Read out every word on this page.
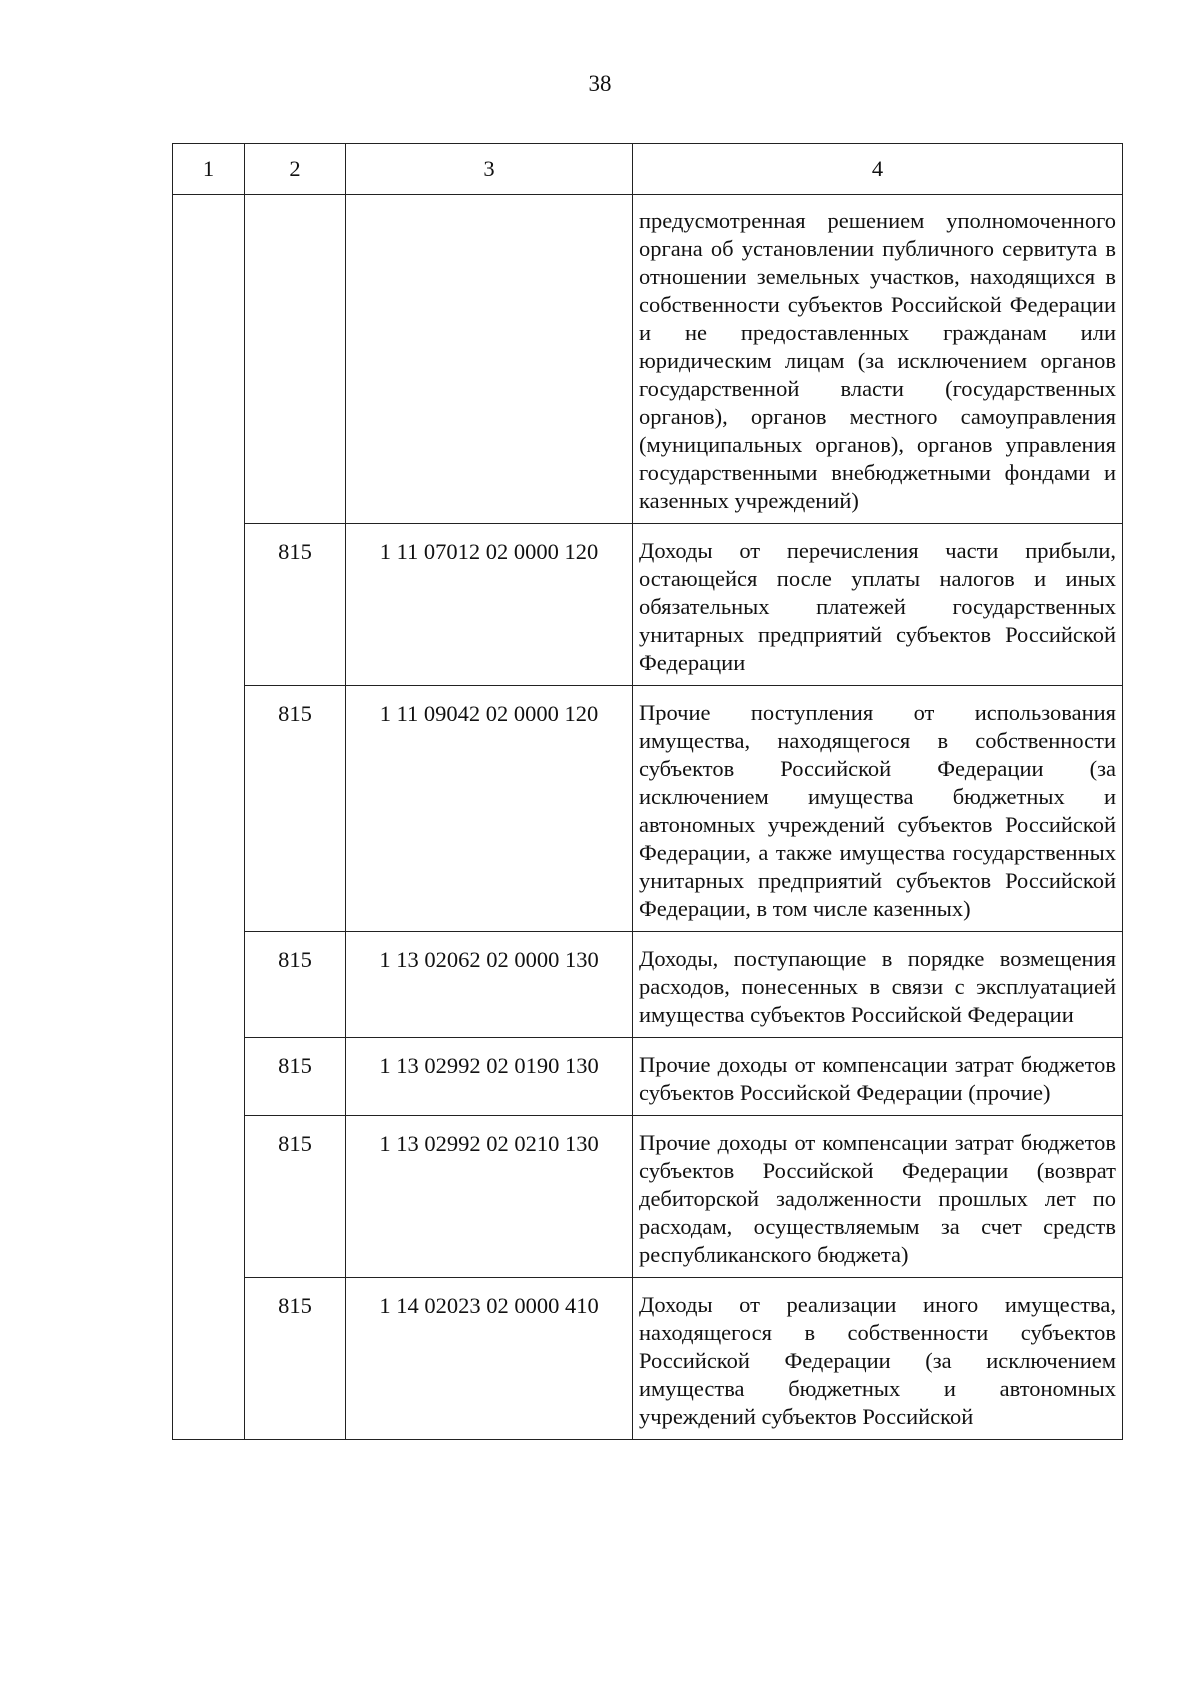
38
1	2	3	4
			предусмотренная решением уполномоченного органа об установлении публичного сервитута в отношении земельных участков, находящихся в собственности субъектов Российской Федерации и не предоставленных гражданам или юридическим лицам (за исключением органов государственной власти (государственных органов), органов местного самоуправления (муниципальных органов), органов управления государственными внебюджетными фондами и казенных учреждений)
	815	1 11 07012 02 0000 120	Доходы от перечисления части прибыли, остающейся после уплаты налогов и иных обязательных платежей государственных унитарных предприятий субъектов Российской Федерации
	815	1 11 09042 02 0000 120	Прочие поступления от использования имущества, находящегося в собственности субъектов Российской Федерации (за исключением имущества бюджетных и автономных учреждений субъектов Российской Федерации, а также имущества государственных унитарных предприятий субъектов Российской Федерации, в том числе казенных)
	815	1 13 02062 02 0000 130	Доходы, поступающие в порядке возмещения расходов, понесенных в связи с эксплуатацией имущества субъектов Российской Федерации
	815	1 13 02992 02 0190 130	Прочие доходы от компенсации затрат бюджетов субъектов Российской Федерации (прочие)
	815	1 13 02992 02 0210 130	Прочие доходы от компенсации затрат бюджетов субъектов Российской Федерации (возврат дебиторской задолженности прошлых лет по расходам, осуществляемым за счет средств республиканского бюджета)
	815	1 14 02023 02 0000 410	Доходы от реализации иного имущества, находящегося в собственности субъектов Российской Федерации (за исключением имущества бюджетных и автономных учреждений субъектов Российской
